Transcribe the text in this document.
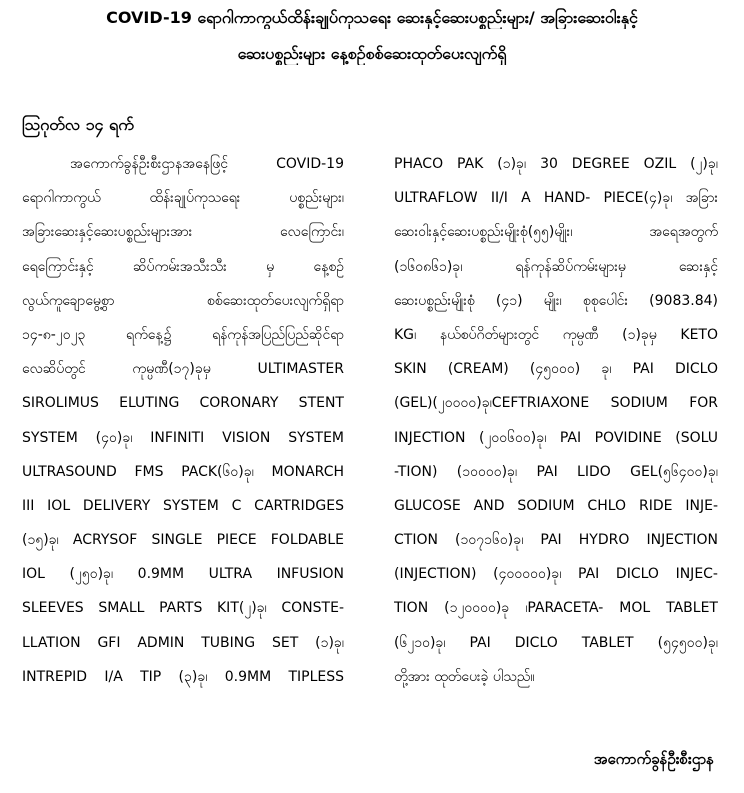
COVID-19 ရောဂါကာကွယ်ထိန်းချုပ်ကုသရေး ဆေးနှင့်ဆေးပစ္စည်းများ/ အခြားဆေးဝါးနှင့်
ဆေးပစ္စည်းများ နေ့စဉ်စစ်ဆေးထုတ်ပေးလျက်ရှိ
ဩဂုတ်လ ၁၄ ရက်
အကောက်ခွန်ဦးစီးဌာနအနေဖြင့် COVID-19
ရောဂါကာကွယ် ထိန်းချုပ်ကုသရေး ပစ္စည်းများ၊
အခြားဆေးနှင့်ဆေးပစ္စည်းများအား လေကြောင်း၊
ရေကြောင်းနှင့် ဆိပ်ကမ်းအသီးသီး မှ နေ့စဉ်
လွယ်ကူချောမွေ့စွာ စစ်ဆေးထုတ်ပေးလျက်ရှိရာ
၁၄-၈-၂၀၂၃ ရက်နေ့၌ ရန်ကုန်အပြည်ပြည်ဆိုင်ရာ
လေဆိပ်တွင် ကုမ္ပဏီ(၁၇)ခုမှ ULTIMASTER
SIROLIMUS ELUTING CORONARY STENT
SYSTEM (၄၀)ခု၊ INFINITI VISION SYSTEM
ULTRASOUND FMS PACK(၆၀)ခု၊ MONARCH
III IOL DELIVERY SYSTEM C CARTRIDGES
(၁၅)ခု၊ ACRYSOF SINGLE PIECE FOLDABLE
IOL (၂၅၀)ခု၊ 0.9MM ULTRA INFUSION
SLEEVES SMALL PARTS KIT(၂)ခု၊ CONSTE-
LLATION GFI ADMIN TUBING SET (၁)ခု၊
INTREPID I/A TIP (၃)ခု၊ 0.9MM TIPLESS
PHACO PAK (၁)ခု၊ 30 DEGREE OZIL (၂)ခု၊
ULTRAFLOW II/I A HAND- PIECE(၄)ခု၊ အခြား
ဆေးဝါးနှင့်ဆေးပစ္စည်းမျိုးစုံ(၅၅)မျိုး၊ အရေအတွက်
(၁၆၀၈၆၁)ခု၊ ရန်ကုန်ဆိပ်ကမ်းများမှ ဆေးနှင့်
ဆေးပစ္စည်းမျိုးစုံ (၄၁) မျိုး၊ စုစုပေါင်း (9083.84)
KG၊ နယ်စပ်ဂိတ်များတွင် ကုမ္ပဏီ (၁)ခုမှ KETO
SKIN (CREAM) (၄၅၀၀၀) ခု၊ PAI DICLO
(GEL)(၂၀၀၀၀)ခု၊CEFTRIAXONE SODIUM FOR
INJECTION (၂၀၀၆၀၀)ခု၊ PAI POVIDINE (SOLU
-TION) (၁၀၀၀၀)ခု၊ PAI LIDO GEL(၅၆၄၀၀)ခု၊
GLUCOSE AND SODIUM CHLO RIDE INJE-
CTION (၁၀၇၁၆၀)ခု၊ PAI HYDRO INJECTION
(INJECTION) (၄၀၀၀၀၀)ခု၊ PAI DICLO INJEC-
TION (၁၂၀၀၀၀)ခု ၊PARACETA- MOL TABLET
(၆၂၁၀)ခု၊ PAI DICLO TABLET (၅၄၅၀၀)ခု၊
တို့အား ထုတ်ပေးခဲ့ ပါသည်။
အကောက်ခွန်ဦးစီးဌာန
